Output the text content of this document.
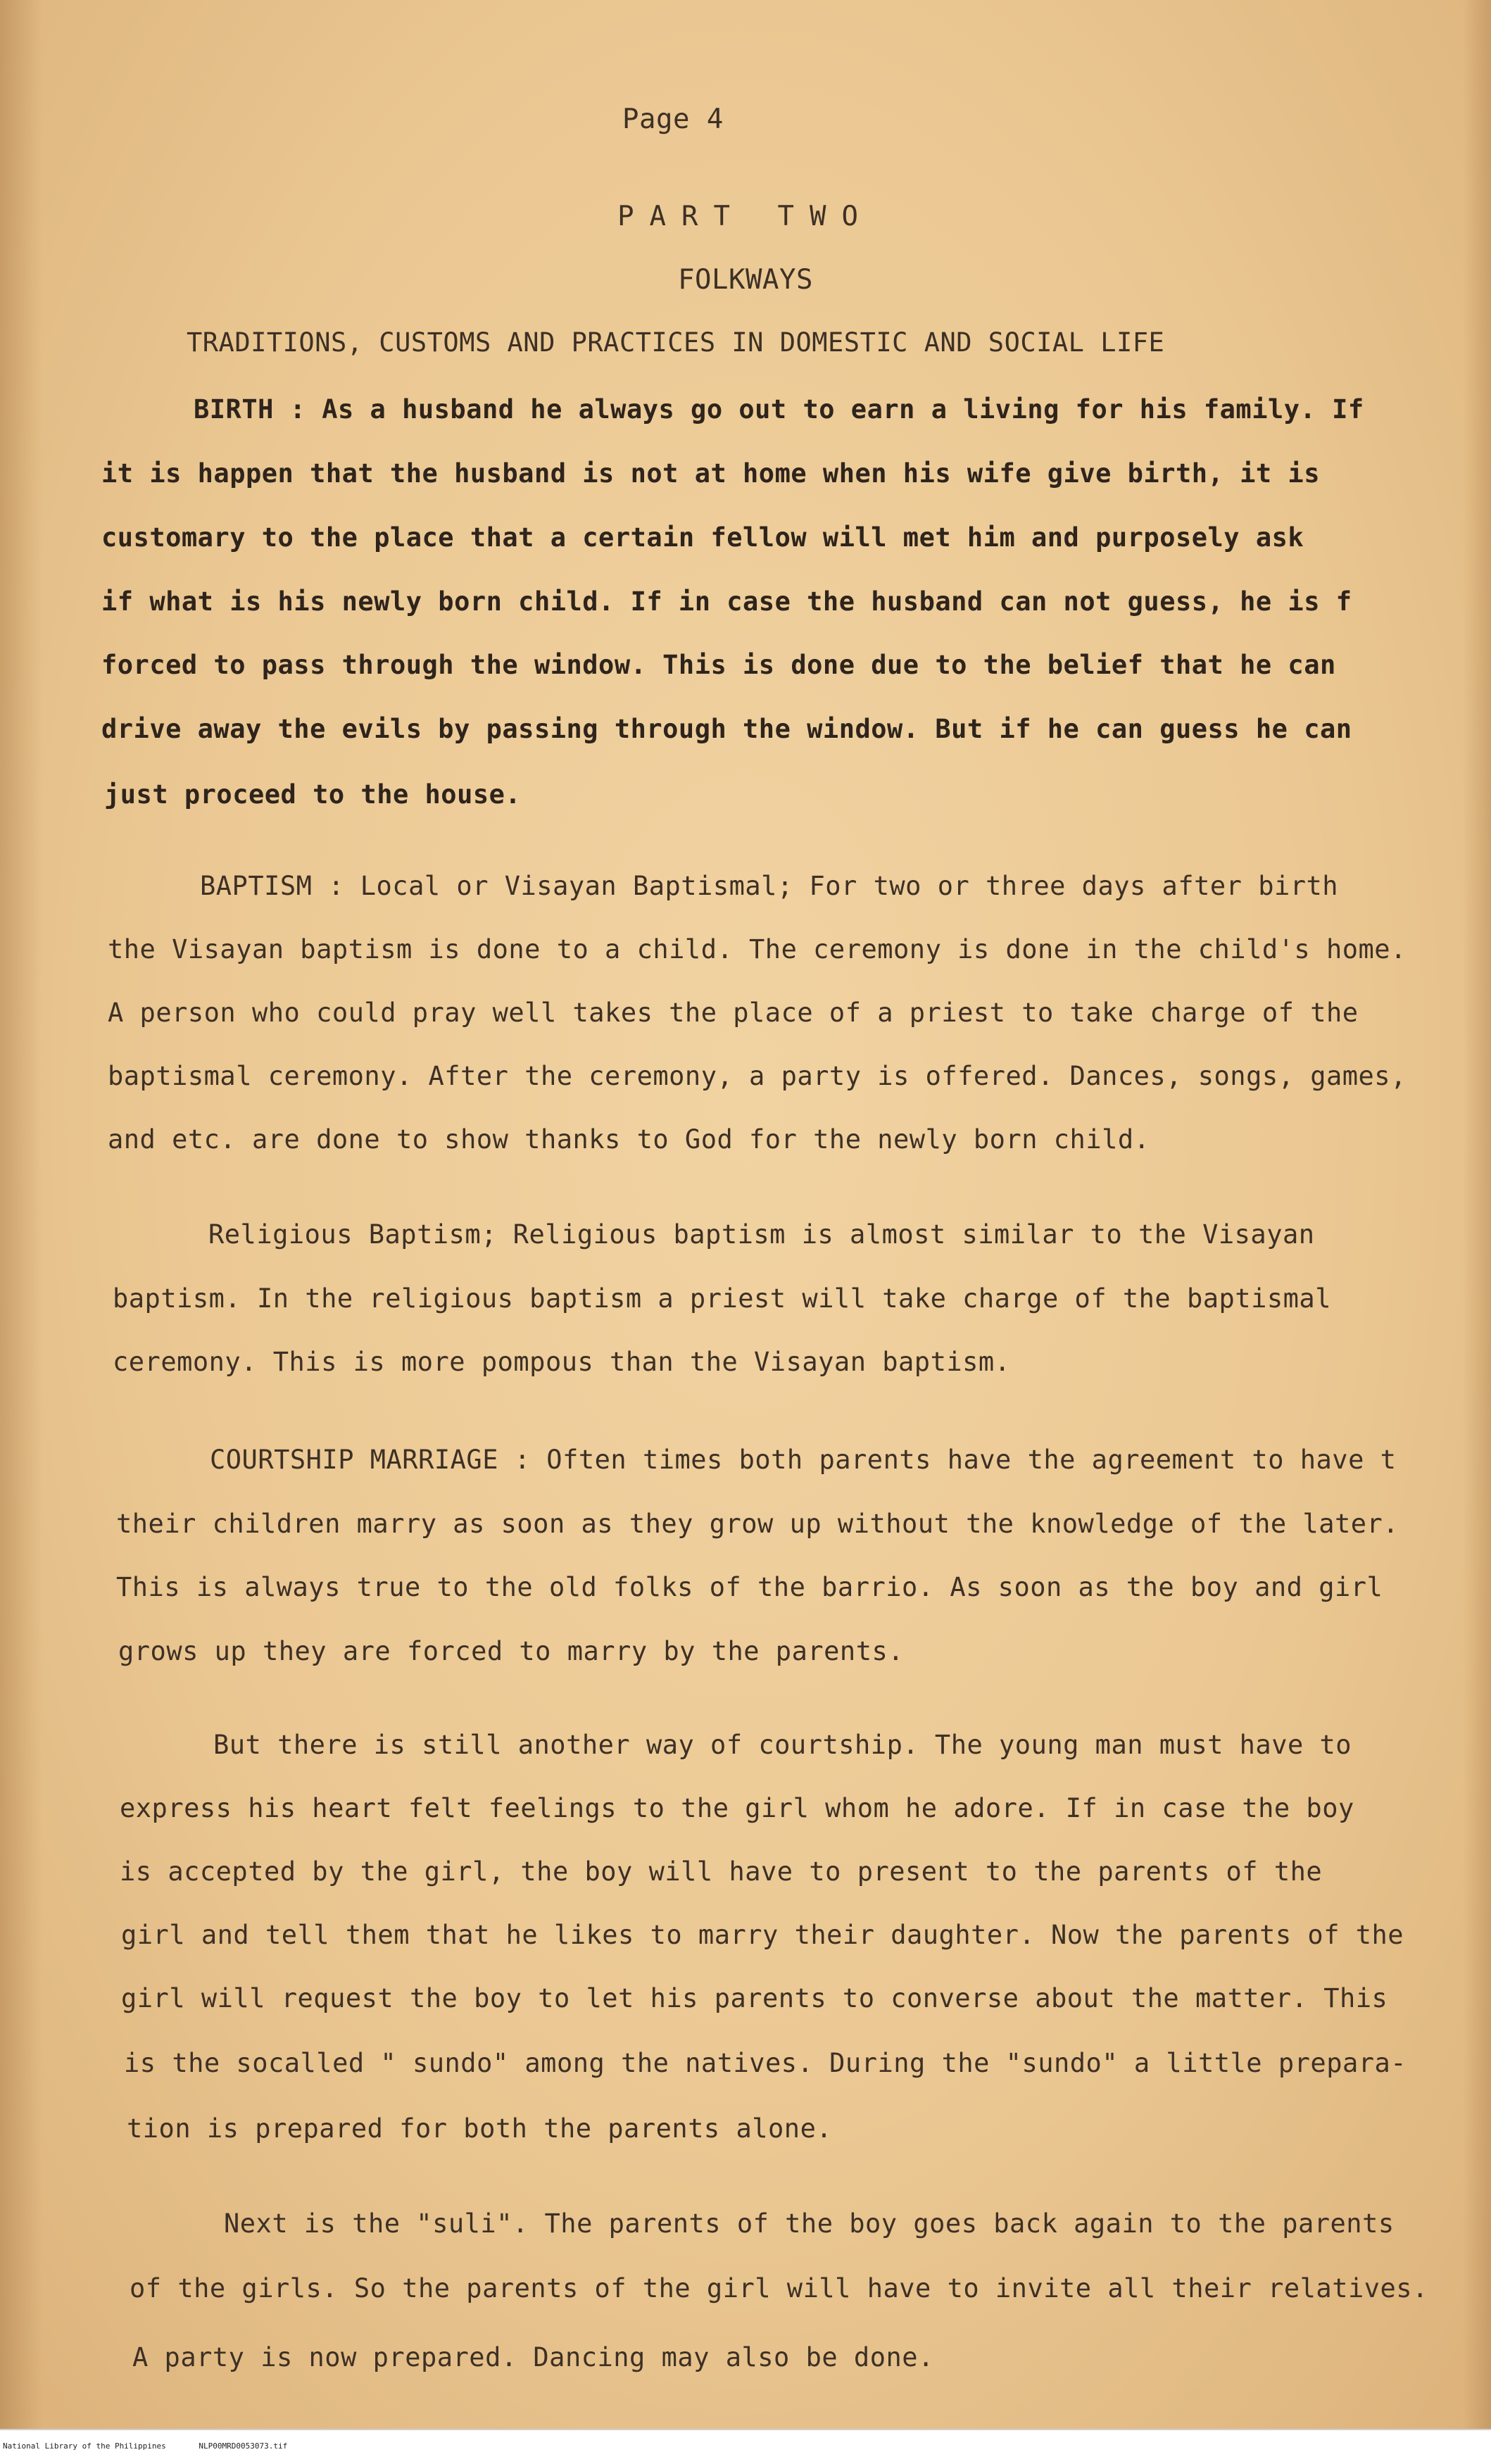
Page 4
PART TWO
FOLKWAYS
TRADITIONS, CUSTOMS AND PRACTICES IN DOMESTIC AND SOCIAL LIFE
BIRTH : As a husband he always go out to earn a living for his family. If
it is happen that the husband is not at home when his wife give birth, it is
customary to the place that a certain fellow will met him and purposely ask
if what is his newly born child. If in case the husband can not guess, he is f
forced to pass through the window. This is done due to the belief that he can
drive away the evils by passing through the window. But if he can guess he can
just proceed to the house.
BAPTISM : Local or Visayan Baptismal; For two or three days after birth
the Visayan baptism is done to a child. The ceremony is done in the child's home.
A person who could pray well takes the place of a priest to take charge of the
baptismal ceremony. After the ceremony, a party is offered. Dances, songs, games,
and etc. are done to show thanks to God for the newly born child.
Religious Baptism; Religious baptism is almost similar to the Visayan
baptism. In the religious baptism a priest will take charge of the baptismal
ceremony. This is more pompous than the Visayan baptism.
COURTSHIP MARRIAGE : Often times both parents have the agreement to have t
their children marry as soon as they grow up without the knowledge of the later.
This is always true to the old folks of the barrio. As soon as the boy and girl
grows up they are forced to marry by the parents.
But there is still another way of courtship. The young man must have to
express his heart felt feelings to the girl whom he adore. If in case the boy
is accepted by the girl, the boy will have to present to the parents of the
girl and tell them that he likes to marry their daughter. Now the parents of the
girl will request the boy to let his parents to converse about the matter. This
is the socalled " sundo" among the natives. During the "sundo" a little prepara-
tion is prepared for both the parents alone.
Next is the "suli". The parents of the boy goes back again to the parents
of the girls. So the parents of the girl will have to invite all their relatives.
A party is now prepared. Dancing may also be done.
National Library of the Philippines	NLP00MRD0053073.tif
